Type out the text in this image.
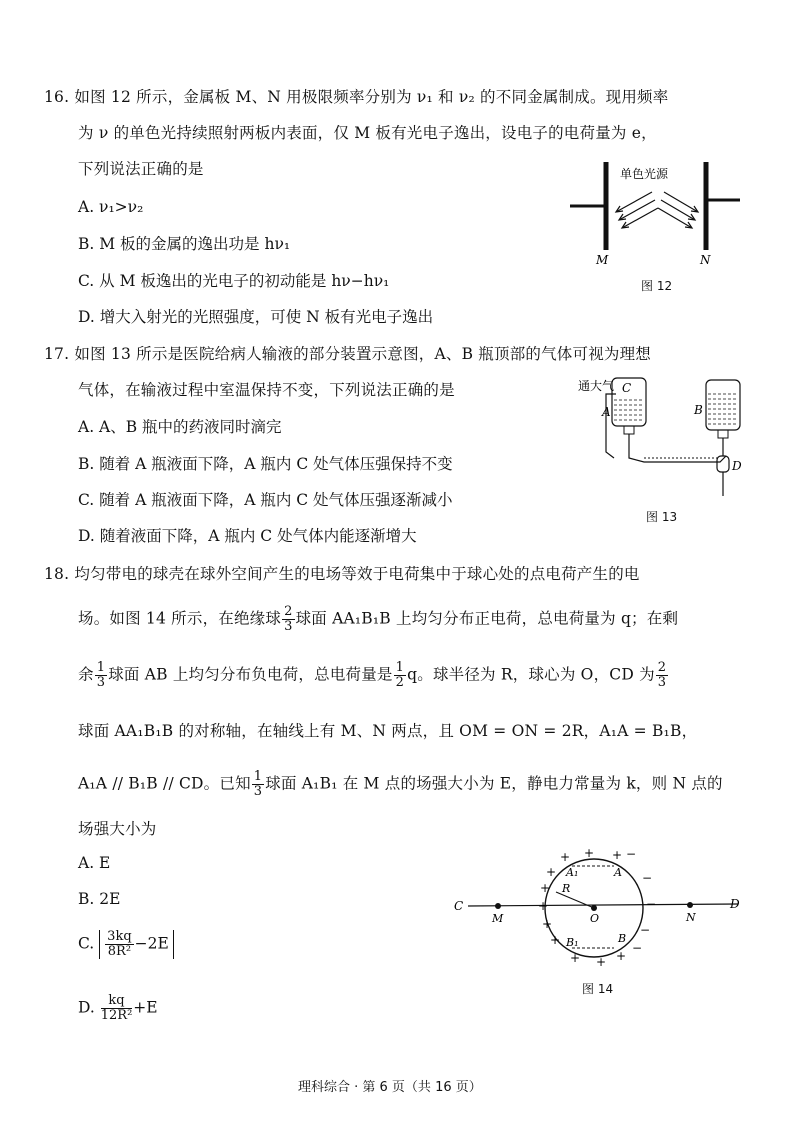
16. 如图 12 所示，金属板 M、N 用极限频率分别为 ν₁ 和 ν₂ 的不同金属制成。现用频率
为 ν 的单色光持续照射两板内表面，仅 M 板有光电子逸出，设电子的电荷量为 e，
下列说法正确的是
A. ν₁>ν₂
B. M 板的金属的逸出功是 hν₁
C. 从 M 板逸出的光电子的初动能是 hν−hν₁
D. 增大入射光的光照强度，可使 N 板有光电子逸出
单色光源
M	N
图 12
17. 如图 13 所示是医院给病人输液的部分装置示意图，A、B 瓶顶部的气体可视为理想
气体，在输液过程中室温保持不变，下列说法正确的是
A. A、B 瓶中的药液同时滴完
B. 随着 A 瓶液面下降，A 瓶内 C 处气体压强保持不变
C. 随着 A 瓶液面下降，A 瓶内 C 处气体压强逐渐减小
D. 随着液面下降，A 瓶内 C 处气体内能逐渐增大
通大气 C
A	B
D
图 13
18. 均匀带电的球壳在球外空间产生的电场等效于电荷集中于球心处的点电荷产生的电
场。如图 14 所示，在绝缘球 $\frac{2}{3}$ 球面 AA₁B₁B 上均匀分布正电荷，总电荷量为 q；在剩
余 $\frac{1}{3}$ 球面 AB 上均匀分布负电荷，总电荷量是 $\frac{1}{2}$ q。球半径为 R，球心为 O，CD 为 $\frac{2}{3}$
球面 AA₁B₁B 的对称轴，在轴线上有 M、N 两点，且 OM = ON = 2R，A₁A = B₁B，
A₁A // B₁B // CD。已知 $\frac{1}{3}$ 球面 A₁B₁ 在 M 点的场强大小为 E，静电力常量为 k，则 N 点的
场强大小为
A. E
B. 2E
C. $\frac{3kq}{\text{8R²}} -2E$
D. $\frac{kq}{\text{12R²}} +E$
C	D
M	O	N
R
A₁	A
B₁	B
+ + +
+
+
+
+
+
+ + +
−
−
−
−
−
图 14
理科综合 · 第 6 页（共 16 页）
